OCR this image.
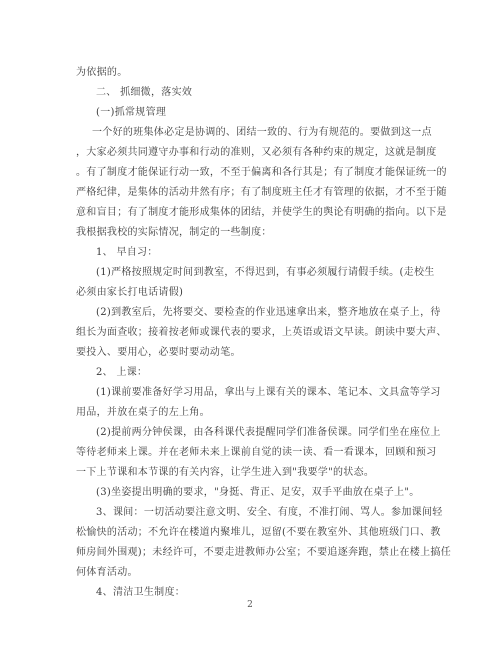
为依据的。
二、 抓细微，落实效
(一)抓常规管理
一个好的班集体必定是协调的、团结一致的、行为有规范的。要做到这一点
，大家必须共同遵守办事和行动的准则，又必须有各种约束的规定，这就是制度
。有了制度才能保证行动一致，不至于偏离和各行其是；有了制度才能保证统一的
严格纪律，是集体的活动井然有序；有了制度班主任才有管理的依据，才不至于随
意和盲目；有了制度才能形成集体的团结，并使学生的舆论有明确的指向。以下是
我根据我校的实际情况，制定的一些制度：
1、 早自习：
(1)严格按照规定时间到教室，不得迟到，有事必须履行请假手续。(走校生
必须由家长打电话请假)
(2)到教室后，先将要交、要检查的作业迅速拿出来，整齐地放在桌子上，待
组长为面查收；接着按老师或课代表的要求，上英语或语文早读。朗读中要大声、
要投入、要用心，必要时要动动笔。
2、 上课：
(1)课前要准备好学习用品，拿出与上课有关的课本、笔记本、文具盒等学习
用品，并放在桌子的左上角。
(2)提前两分钟侯课，由各科课代表提醒同学们准备侯课。同学们坐在座位上
等待老师来上课。并在老师未来上课前自觉的读一读、看一看课本，回顾和预习
一下上节课和本节课的有关内容，让学生进入到"我要学"的状态。
(3)坐姿提出明确的要求，"身挺、背正、足安，双手平曲放在桌子上"。
3、课间：一切活动要注意文明、安全、有度，不准打闹、骂人。参加课间轻
松愉快的活动；不允许在楼道内聚堆儿，逗留(不要在教室外、其他班级门口、教
师房间外围观)；未经许可，不要走进教师办公室；不要追逐奔跑，禁止在楼上搞任
何体育活动。
4、清洁卫生制度：
2
